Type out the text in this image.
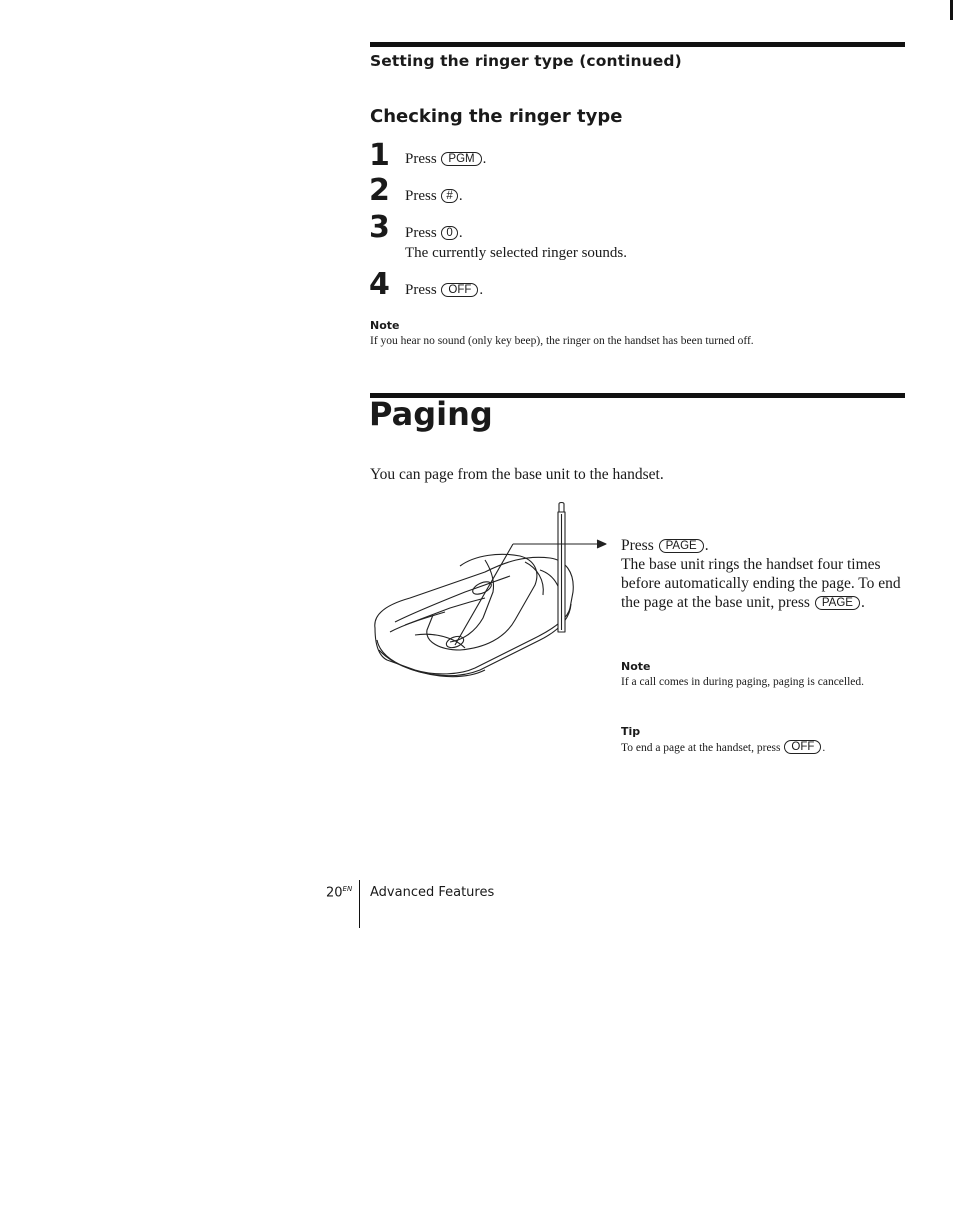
Setting the ringer type (continued)
Checking the ringer type
1 Press PGM .
2 Press # .
3 Press 0 .
The currently selected ringer sounds.
4 Press OFF .
Note
If you hear no sound (only key beep), the ringer on the handset has been turned off.
Paging
You can page from the base unit to the handset.
Press PAGE .
The base unit rings the handset four times before automatically ending the page. To end the page at the base unit, press PAGE .
Note
If a call comes in during paging, paging is cancelled.
Tip
To end a page at the handset, press OFF .
$20^{EN}$ Advanced Features
